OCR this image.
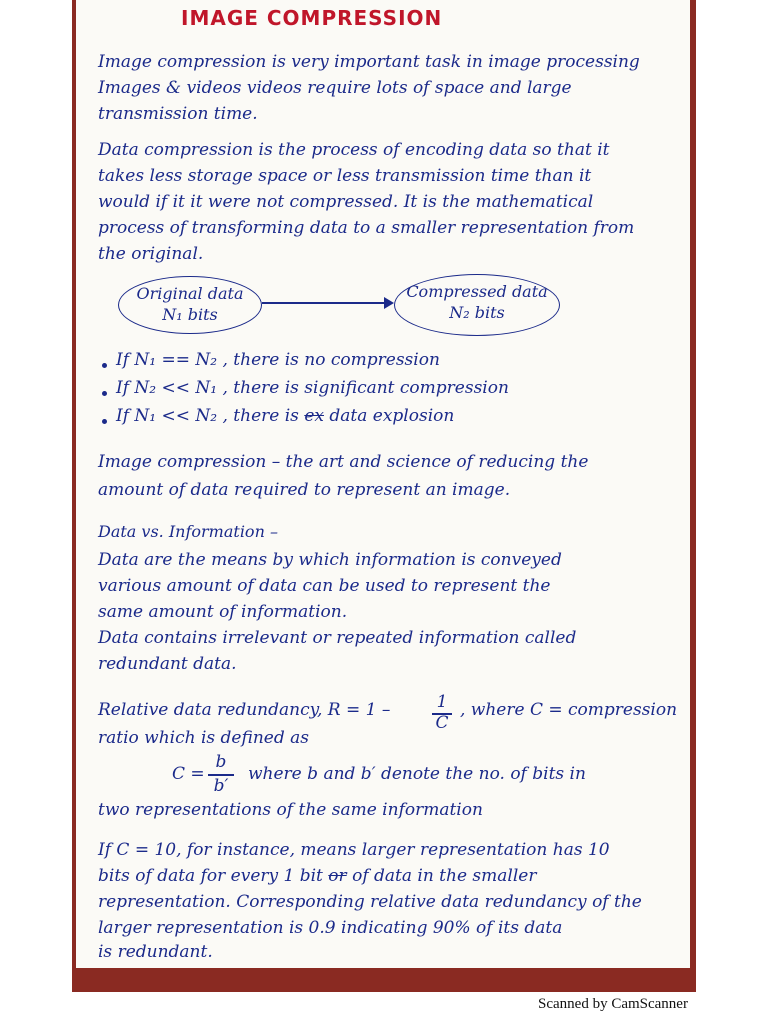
IMAGE COMPRESSION
Image compression is very important task in image processing
Images & videos videos require lots of space and large
transmission time.
Data compression is the process of encoding data so that it
takes less storage space or less transmission time than it
would if it it were not compressed. It is the mathematical
process of transforming data to a smaller representation from
the original.
Original data
N₁ bits
Compressed data
N₂ bits
If N₁ == N₂ , there is no compression
If N₂ << N₁ , there is significant compression
If N₁ << N₂ , there is ex data explosion
Image compression – the art and science of reducing the
amount of data required to represent an image.
Data vs. Information –
Data are the means by which information is conveyed
various amount of data can be used to represent the
same amount of information.
Data contains irrelevant or repeated information called
redundant data.
Relative data redundancy, R = 1 –	1
C
, where C = compression
ratio which is defined as
C =
b
b′
where b and b′ denote the no. of bits in
two representations of the same information
If C = 10, for instance, means larger representation has 10
bits of data for every 1 bit or of data in the smaller
representation. Corresponding relative data redundancy of the
larger representation is 0.9 indicating 90% of its data
is redundant.
Scanned by CamScanner
